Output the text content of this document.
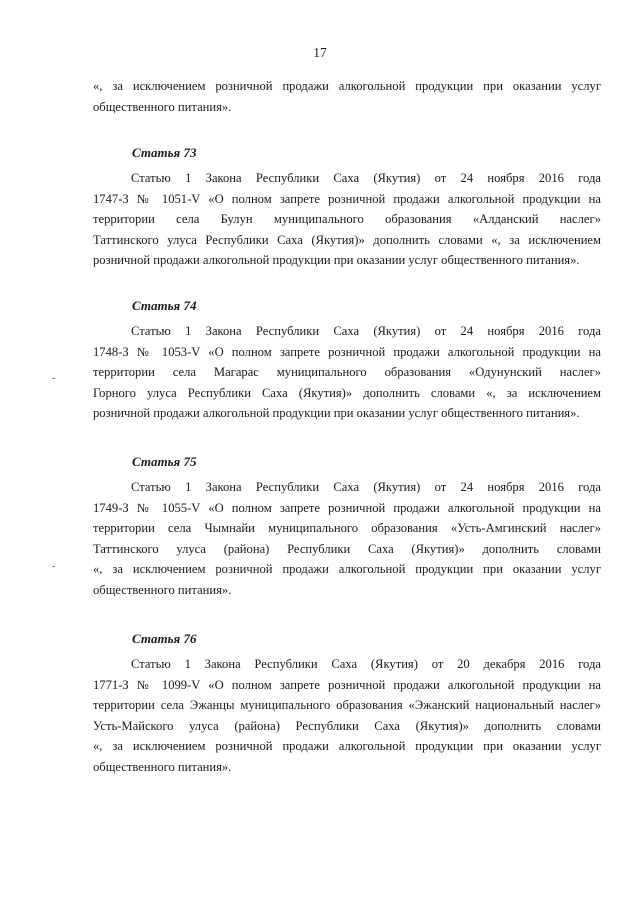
17
«, за исключением розничной продажи алкогольной продукции при оказании услуг
общественного питания».
Статья 73
Статью 1 Закона Республики Саха (Якутия) от 24 ноября 2016 года
1747-З № 1051-V «О полном запрете розничной продажи алкогольной продукции на
территории села Булун муниципального образования «Алданский наслег»
Таттинского улуса Республики Саха (Якутия)» дополнить словами «, за исключением
розничной продажи алкогольной продукции при оказании услуг общественного питания».
Статья 74
Статью 1 Закона Республики Саха (Якутия) от 24 ноября 2016 года
1748-З № 1053-V «О полном запрете розничной продажи алкогольной продукции на
территории села Магарас муниципального образования «Одунунский наслег»
Горного улуса Республики Саха (Якутия)» дополнить словами «, за исключением
розничной продажи алкогольной продукции при оказании услуг общественного питания».
Статья 75
Статью 1 Закона Республики Саха (Якутия) от 24 ноября 2016 года
1749-З № 1055-V «О полном запрете розничной продажи алкогольной продукции на
территории села Чымнайи муниципального образования «Усть-Амгинский наслег»
Таттинского улуса (района) Республики Саха (Якутия)» дополнить словами
«, за исключением розничной продажи алкогольной продукции при оказании услуг
общественного питания».
Статья 76
Статью 1 Закона Республики Саха (Якутия) от 20 декабря 2016 года
1771-З № 1099-V «О полном запрете розничной продажи алкогольной продукции на
территории села Эжанцы муниципального образования «Эжанский национальный наслег»
Усть-Майского улуса (района) Республики Саха (Якутия)» дополнить словами
«, за исключением розничной продажи алкогольной продукции при оказании услуг
общественного питания».
